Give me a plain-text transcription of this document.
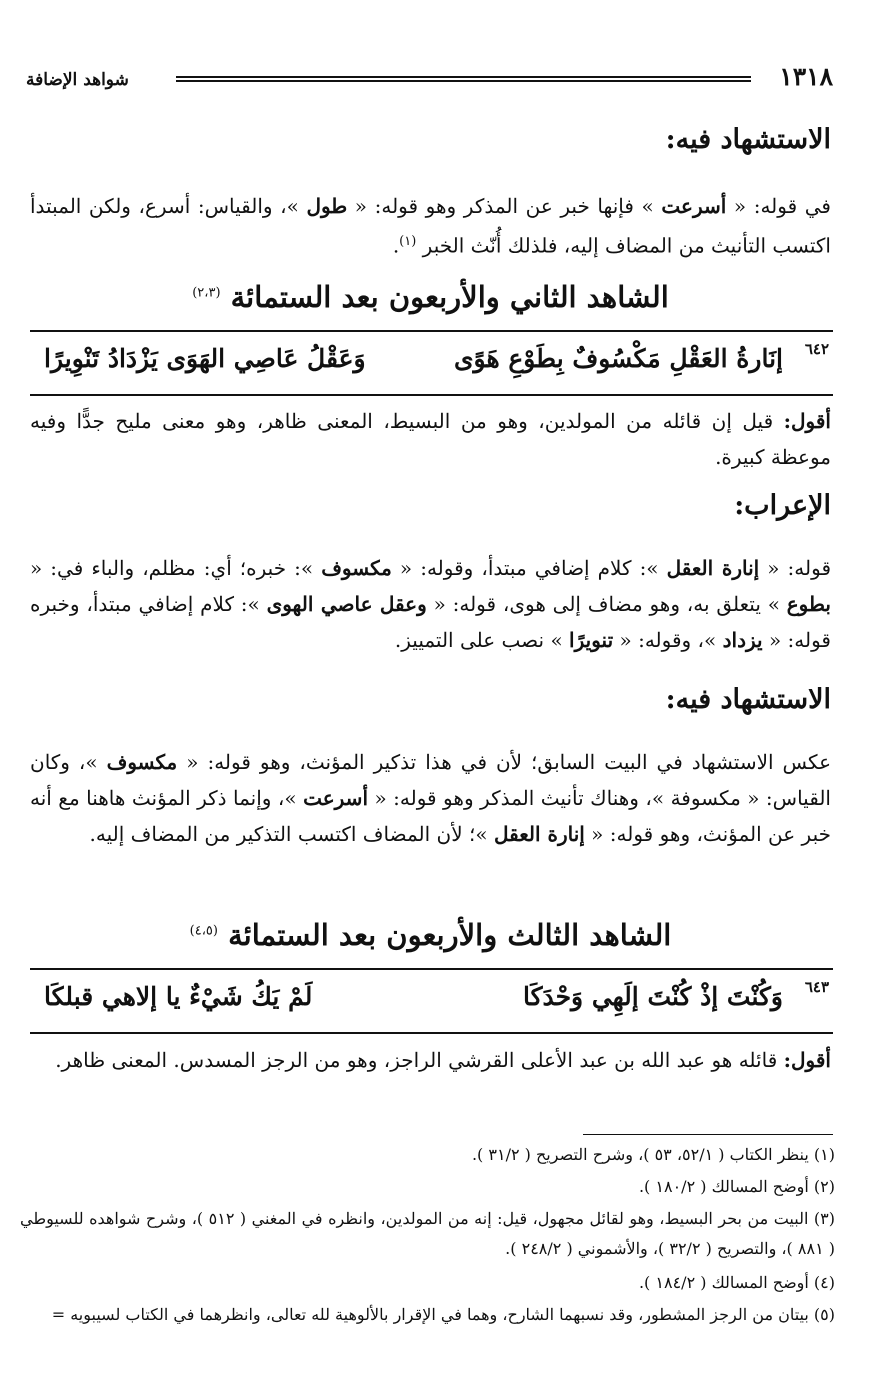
١٣١٨
شواهد الإضافة
الاستشهاد فيه:
في قوله: « أسرعت » فإنها خبر عن المذكر وهو قوله: « طول »، والقياس: أسرع، ولكن المبتدأ اكتسب التأنيث من المضاف إليه، فلذلك أُنّث الخبر $^{(١)}$.
الشاهد الثاني والأربعون بعد الستمائة $^{(٢،٣)}$
٦٤٢
إنَارةُ العَقْلِ مَكْسُوفٌ بِطَوْعِ هَوًى
وَعَقْلُ عَاصِي الهَوَى يَزْدَادُ تَنْوِيرًا
أقول: قيل إن قائله من المولدين، وهو من البسيط، المعنى ظاهر، وهو معنى مليح جدًّا وفيه موعظة كبيرة.
الإعراب:
قوله: « إنارة العقل »: كلام إضافي مبتدأ، وقوله: « مكسوف »: خبره؛ أي: مظلم، والباء في: « بطوع » يتعلق به، وهو مضاف إلى هوى، قوله: « وعقل عاصي الهوى »: كلام إضافي مبتدأ، وخبره قوله: « يزداد »، وقوله: « تنويرًا » نصب على التمييز.
الاستشهاد فيه:
عكس الاستشهاد في البيت السابق؛ لأن في هذا تذكير المؤنث، وهو قوله: « مكسوف »، وكان القياس: « مكسوفة »، وهناك تأنيث المذكر وهو قوله: « أسرعت »، وإنما ذكر المؤنث هاهنا مع أنه خبر عن المؤنث، وهو قوله: « إنارة العقل »؛ لأن المضاف اكتسب التذكير من المضاف إليه.
الشاهد الثالث والأربعون بعد الستمائة $^{(٤،٥)}$
٦٤٣
وَكُنْتَ إذْ كُنْتَ إلَهِي وَحْدَكَا
لَمْ يَكُ شَيْءٌ يا إلاهي قبلكَا
أقول: قائله هو عبد الله بن عبد الأعلى القرشي الراجز، وهو من الرجز المسدس. المعنى ظاهر.
(١) ينظر الكتاب ( ٥٢/١، ٥٣ )، وشرح التصريح ( ٣١/٢ ).
(٢) أوضح المسالك ( ١٨٠/٢ ).
(٣) البيت من بحر البسيط، وهو لقائل مجهول، قيل: إنه من المولدين، وانظره في المغني ( ٥١٢ )، وشرح شواهده للسيوطي ( ٨٨١ )، والتصريح ( ٣٢/٢ )، والأشموني ( ٢٤٨/٢ ).
(٤) أوضح المسالك ( ١٨٤/٢ ).
(٥) بيتان من الرجز المشطور، وقد نسبهما الشارح، وهما في الإقرار بالألوهية لله تعالى، وانظرهما في الكتاب لسيبويه =
